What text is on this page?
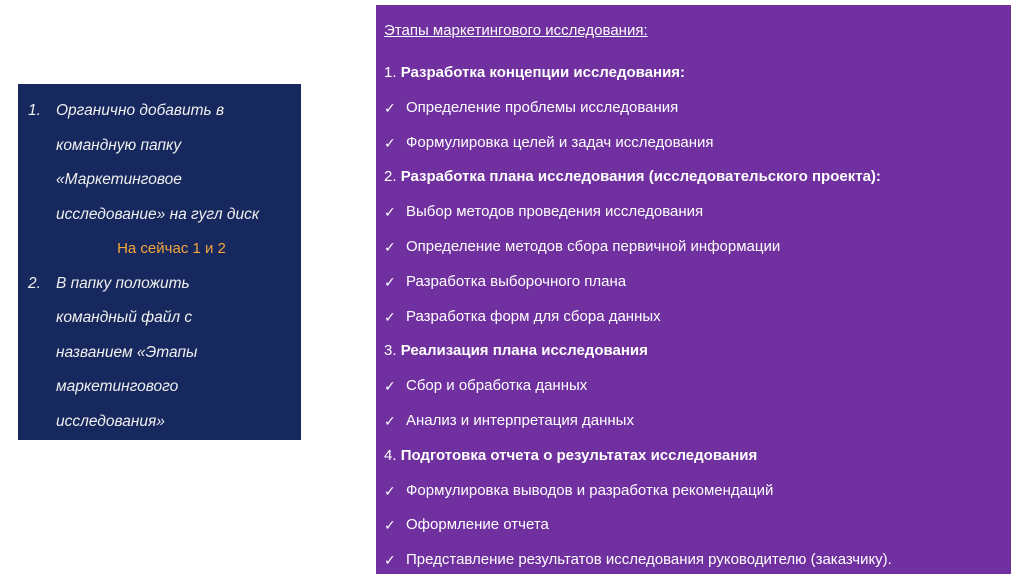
1. Органично добавить в
командную папку
«Маркетинговое
исследование» на гугл диск
На сейчас 1 и 2
2. В папку положить
командный файл с
названием «Этапы
маркетингового
исследования»
Этапы маркетингового исследования:
1. Разработка концепции исследования:
✓ Определение проблемы исследования
✓ Формулировка целей и задач исследования
2. Разработка плана исследования (исследовательского проекта):
✓ Выбор методов проведения исследования
✓ Определение методов сбора первичной информации
✓ Разработка выборочного плана
✓ Разработка форм для сбора данных
3. Реализация плана исследования
✓ Сбор и обработка данных
✓ Анализ и интерпретация данных
4. Подготовка отчета о результатах исследования
✓ Формулировка выводов и разработка рекомендаций
✓ Оформление отчета
✓ Представление результатов исследования руководителю (заказчику).
